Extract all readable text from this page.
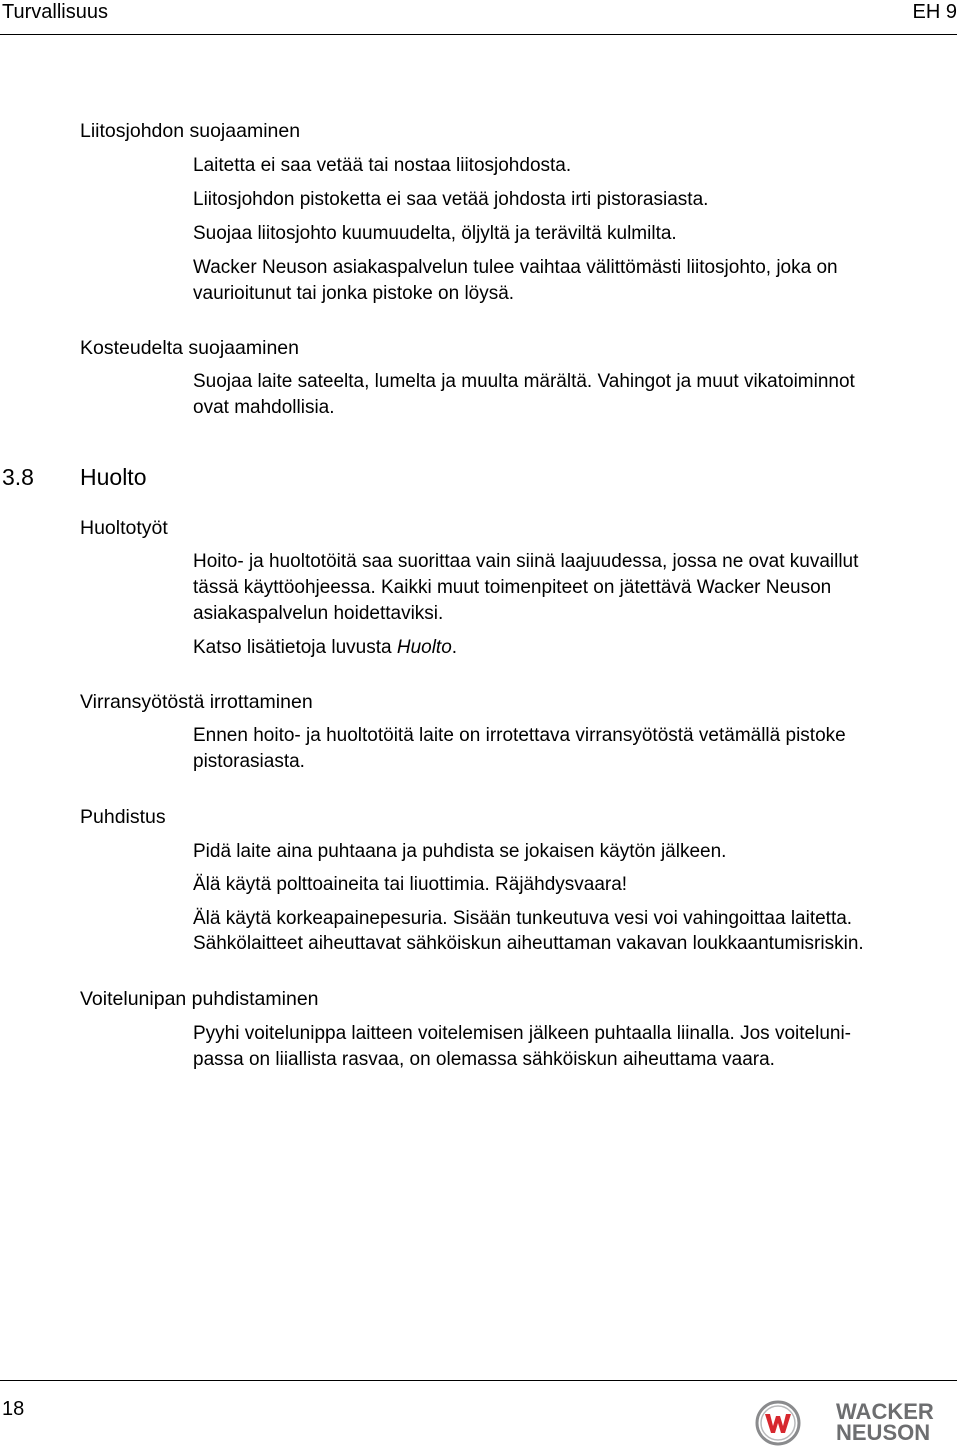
Turvallisuus	EH 9
Liitosjohdon suojaaminen
Laitetta ei saa vetää tai nostaa liitosjohdosta.
Liitosjohdon pistoketta ei saa vetää johdosta irti pistorasiasta.
Suojaa liitosjohto kuumuudelta, öljyltä ja teräviltä kulmilta.
Wacker Neuson asiakaspalvelun tulee vaihtaa välittömästi liitosjohto, joka on
vaurioitunut tai jonka pistoke on löysä.
Kosteudelta suojaaminen
Suojaa laite sateelta, lumelta ja muulta märältä. Vahingot ja muut vikatoiminnot
ovat mahdollisia.
3.8 Huolto
Huoltotyöt
Hoito- ja huoltotöitä saa suorittaa vain siinä laajuudessa, jossa ne ovat kuvaillut
tässä käyttöohjeessa. Kaikki muut toimenpiteet on jätettävä Wacker Neuson
asiakaspalvelun hoidettaviksi.
Katso lisätietoja luvusta Huolto.
Virransyötöstä irrottaminen
Ennen hoito- ja huoltotöitä laite on irrotettava virransyötöstä vetämällä pistoke
pistorasiasta.
Puhdistus
Pidä laite aina puhtaana ja puhdista se jokaisen käytön jälkeen.
Älä käytä polttoaineita tai liuottimia. Räjähdysvaara!
Älä käytä korkeapainepesuria. Sisään tunkeutuva vesi voi vahingoittaa laitetta.
Sähkölaitteet aiheuttavat sähköiskun aiheuttaman vakavan loukkaantumisriskin.
Voitelunipan puhdistaminen
Pyyhi voitelunippa laitteen voitelemisen jälkeen puhtaalla liinalla. Jos voiteluni-
passa on liiallista rasvaa, on olemassa sähköiskun aiheuttama vaara.
18	WACKER
NEUSON
